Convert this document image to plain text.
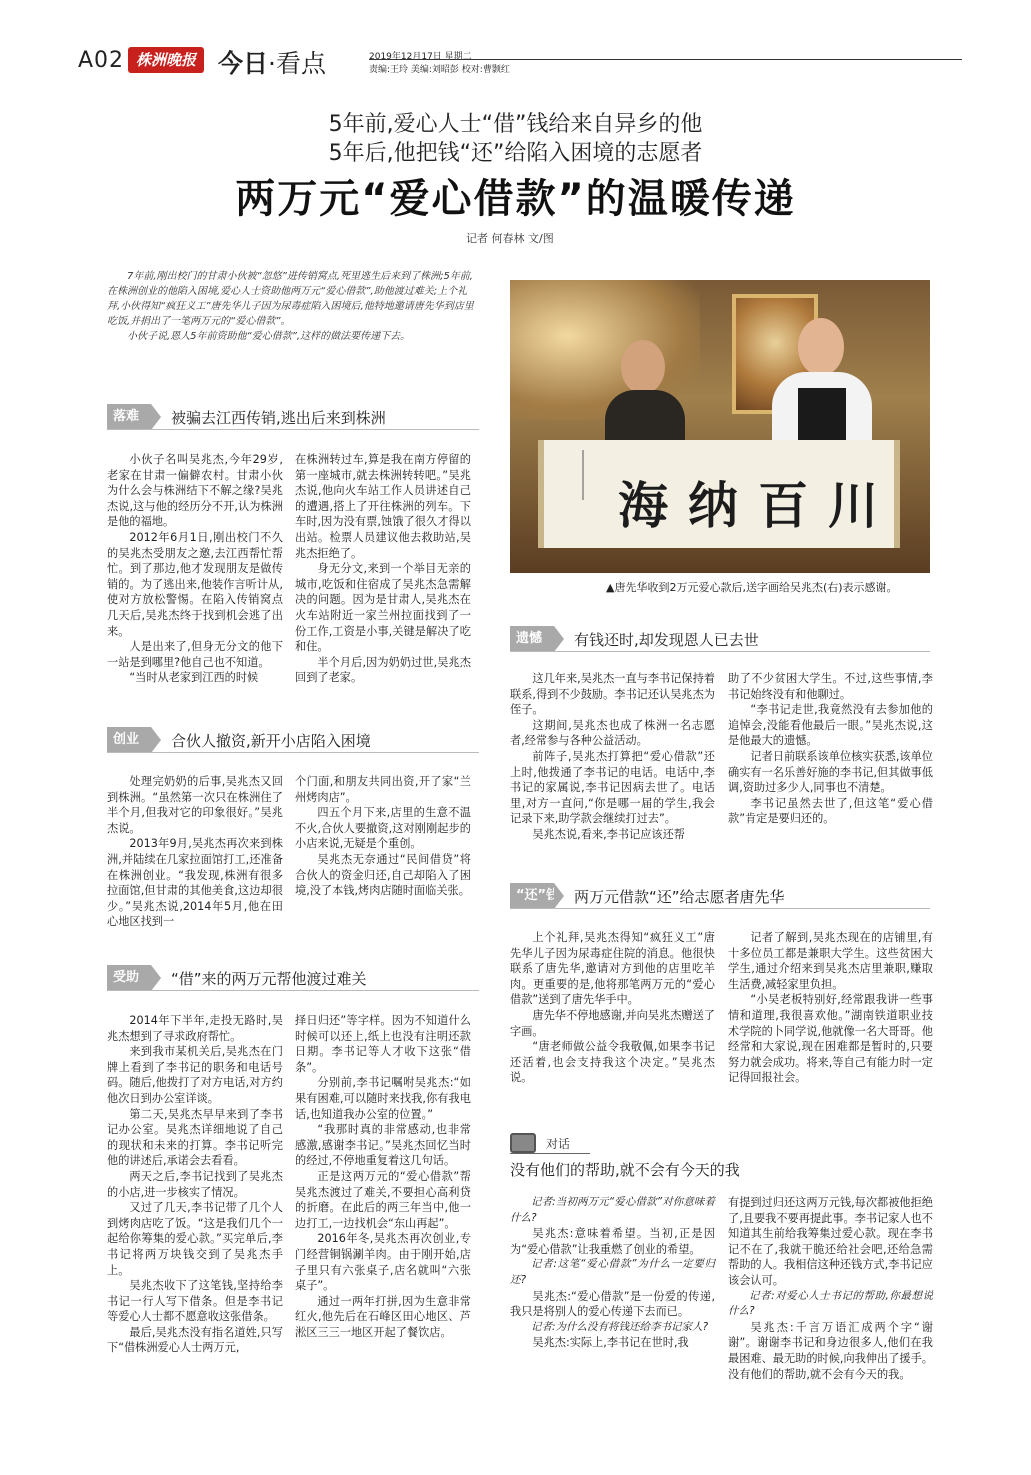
A02 株洲晚报 今日·看点	2019年12月17日 星期二
责编:王玲 美编:刘昭彭 校对:曹颢红
5年前,爱心人士“借”钱给来自异乡的他
5年后,他把钱“还”给陷入困境的志愿者
两万元“爱心借款”的温暖传递
记者 何春林 文/图

7年前,刚出校门的甘肃小伙被“忽悠”进传销窝点,死里逃生后来到了株洲;5年前,在株洲创业的他陷入困境,爱心人士资助他两万元“爱心借款”,助他渡过难关;上个礼拜,小伙得知“疯狂义工”唐先华儿子因为尿毒症陷入困境后,他特地邀请唐先华到店里吃饭,并捐出了一笔两万元的“爱心借款”。

小伙子说,恩人5年前资助他“爱心借款”,这样的做法要传递下去。

落难	被骗去江西传销,逃出后来到株洲

小伙子名叫吴兆杰,今年29岁,老家在甘肃一偏僻农村。甘肃小伙为什么会与株洲结下不解之缘?吴兆杰说,这与他的经历分不开,认为株洲是他的福地。

2012年6月1日,刚出校门不久的吴兆杰受朋友之邀,去江西帮忙帮忙。到了那边,他才发现朋友是做传销的。为了逃出来,他装作言听计从,使对方放松警惕。在陷入传销窝点几天后,吴兆杰终于找到机会逃了出来。

人是出来了,但身无分文的他下一站是到哪里?他自己也不知道。

“当时从老家到江西的时候

在株洲转过车,算是我在南方停留的第一座城市,就去株洲转转吧。”吴兆杰说,他向火车站工作人员讲述自己的遭遇,搭上了开往株洲的列车。下车时,因为没有票,蚀饿了很久才得以出站。检票人员建议他去救助站,吴兆杰拒绝了。

身无分文,来到一个举目无亲的城市,吃饭和住宿成了吴兆杰急需解决的问题。因为是甘肃人,吴兆杰在火车站附近一家兰州拉面找到了一份工作,工资是小事,关键是解决了吃和住。

半个月后,因为奶奶过世,吴兆杰回到了老家。

创业	合伙人撤资,新开小店陷入困境

处理完奶奶的后事,吴兆杰又回到株洲。“虽然第一次只在株洲住了半个月,但我对它的印象很好。”吴兆杰说。

2013年9月,吴兆杰再次来到株洲,并陆续在几家拉面馆打工,还准备在株洲创业。“我发现,株洲有很多拉面馆,但甘肃的其他美食,这边却很少。”吴兆杰说,2014年5月,他在田心地区找到一

个门面,和朋友共同出资,开了家“兰州烤肉店”。

四五个月下来,店里的生意不温不火,合伙人要撤资,这对刚刚起步的小店来说,无疑是个重创。

吴兆杰无奈通过“民间借贷”将合伙人的资金归还,自己却陷入了困境,没了本钱,烤肉店随时面临关张。

受助	“借”来的两万元帮他渡过难关

2014年下半年,走投无路时,吴兆杰想到了寻求政府帮忙。

来到我市某机关后,吴兆杰在门牌上看到了李书记的职务和电话号码。随后,他拨打了对方电话,对方约他次日到办公室详谈。

第二天,吴兆杰早早来到了李书记办公室。吴兆杰详细地说了自己的现状和未来的打算。李书记听完他的讲述后,承诺会去看看。

两天之后,李书记找到了吴兆杰的小店,进一步核实了情况。

又过了几天,李书记带了几个人到烤肉店吃了饭。“这是我们几个一起给你筹集的爱心款。”买完单后,李书记将两万块钱交到了吴兆杰手上。

吴兆杰收下了这笔钱,坚持给李书记一行人写下借条。但是李书记等爱心人士都不愿意收这张借条。

最后,吴兆杰没有指名道姓,只写下“借株洲爱心人士两万元,

择日归还”等字样。因为不知道什么时候可以还上,纸上也没有注明还款日期。李书记等人才收下这张“借条”。

分别前,李书记嘱咐吴兆杰:“如果有困难,可以随时来找我,你有我电话,也知道我办公室的位置。”

“我那时真的非常感动,也非常感激,感谢李书记。”吴兆杰回忆当时的经过,不停地重复着这几句话。

正是这两万元的“爱心借款”帮吴兆杰渡过了难关,不要担心高利贷的折磨。在此后的两三年当中,他一边打工,一边找机会“东山再起”。

2016年冬,吴兆杰再次创业,专门经营铜锅涮羊肉。由于刚开始,店子里只有六张桌子,店名就叫“六张桌子”。

通过一两年打拼,因为生意非常红火,他先后在石峰区田心地区、芦淞区三三一地区开起了餐饮店。

海纳百川
▲唐先华收到2万元爱心款后,送字画给吴兆杰(右)表示感谢。
遗憾	有钱还时,却发现恩人已去世

这几年来,吴兆杰一直与李书记保持着联系,得到不少鼓励。李书记还认吴兆杰为侄子。

这期间,吴兆杰也成了株洲一名志愿者,经常参与各种公益活动。

前阵子,吴兆杰打算把“爱心借款”还上时,他拨通了李书记的电话。电话中,李书记的家属说,李书记因病去世了。电话里,对方一直问,“你是哪一届的学生,我会记录下来,助学款会继续打过去”。

吴兆杰说,看来,李书记应该还帮

助了不少贫困大学生。不过,这些事情,李书记始终没有和他聊过。

“李书记走世,我竟然没有去参加他的追悼会,没能看他最后一眼。”吴兆杰说,这是他最大的遗憾。

记者日前联系该单位核实获悉,该单位确实有一名乐善好施的李书记,但其做事低调,资助过多少人,同事也不清楚。

李书记虽然去世了,但这笔“爱心借款”肯定是要归还的。

“还”钱 两万元借款“还”给志愿者唐先华

上个礼拜,吴兆杰得知“疯狂义工”唐先华儿子因为尿毒症住院的消息。他很快联系了唐先华,邀请对方到他的店里吃羊肉。更重要的是,他将那笔两万元的“爱心借款”送到了唐先华手中。

唐先华不停地感谢,并向吴兆杰赠送了字画。

“唐老师做公益令我敬佩,如果李书记还活着,也会支持我这个决定。”吴兆杰说。

记者了解到,吴兆杰现在的店铺里,有十多位员工都是兼职大学生。这些贫困大学生,通过介绍来到吴兆杰店里兼职,赚取生活费,减轻家里负担。

“小吴老板特别好,经常跟我讲一些事情和道理,我很喜欢他。”湖南铁道职业技术学院的卜同学说,他就像一名大哥哥。他经常和大家说,现在困难都是暂时的,只要努力就会成功。将来,等自己有能力时一定记得回报社会。

对话
没有他们的帮助,就不会有今天的我

记者:当初两万元“爱心借款”对你意味着什么?

吴兆杰:意味着希望。当初,正是因为“爱心借款”让我重燃了创业的希望。

记者:这笔“爱心借款”为什么一定要归还?

吴兆杰:“爱心借款”是一份爱的传递,我只是将别人的爱心传递下去而已。

记者:为什么没有将钱还给李书记家人?

吴兆杰:实际上,李书记在世时,我

有提到过归还这两万元钱,每次都被他拒绝了,且要我不要再提此事。李书记家人也不知道其生前给我筹集过爱心款。现在李书记不在了,我就干脆还给社会吧,还给急需帮助的人。我相信这种还钱方式,李书记应该会认可。

记者:对爱心人士书记的帮助,你最想说什么?

吴兆杰:千言万语汇成两个字“谢谢”。谢谢李书记和身边很多人,他们在我最困难、最无助的时候,向我伸出了援手。没有他们的帮助,就不会有今天的我。
